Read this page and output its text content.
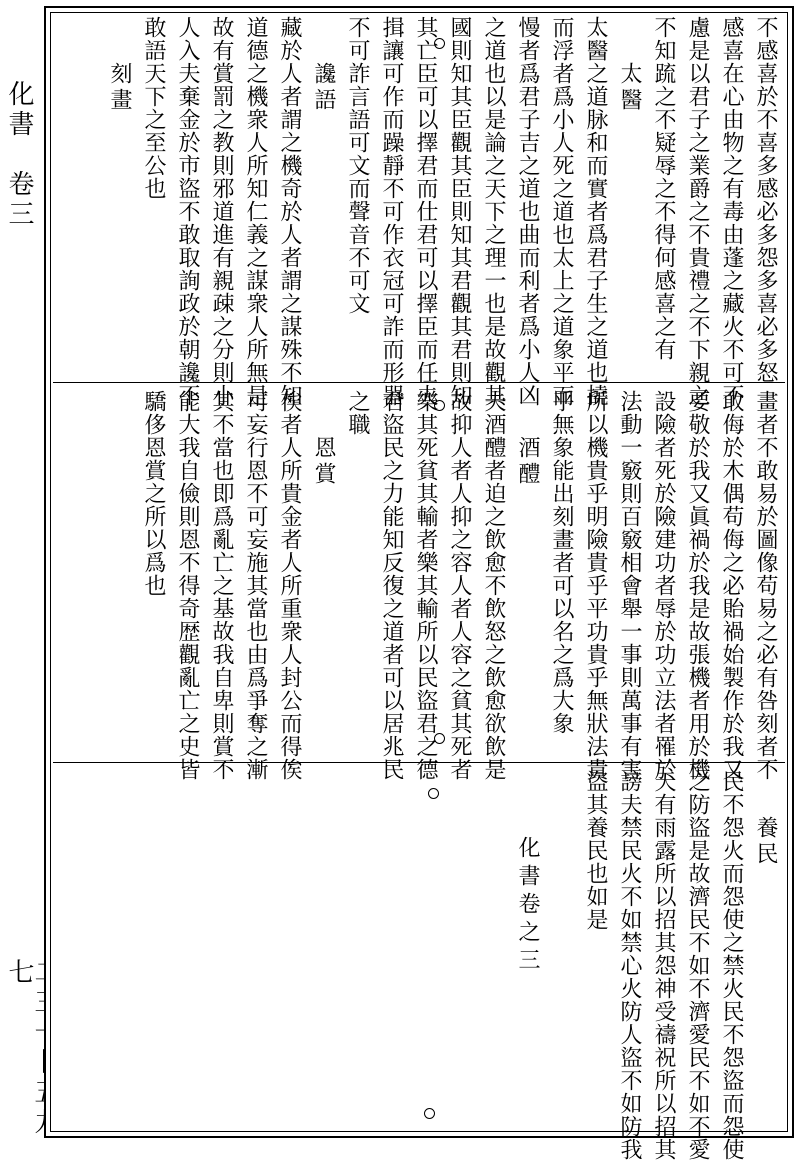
化書　卷三
七
不感喜於不喜多感必多怨多喜必多怒
感喜在心由物之有毒由蓬之藏火不可不
慮是以君子之業爵之不貴禮之不下親之
不知䟽之不疑辱之不得何感喜之有
太醫
太醫之道脉和而實者爲君子生之道也撓
而浮者爲小人死之道也太上之道象平而
慢者爲君子吉之道也曲而利者爲小人凶
之道也以是論之天下之理一也是故觀其
國則知其臣觀其臣則知其君觀其君則知
其亡臣可以擇君而仕君可以擇臣而任夫
揖讓可作而躁靜不可作衣冠可詐而形器
不可詐言語可文而聲音不可文
讒語
藏於人者謂之機奇於人者謂之謀殊不知
道德之機衆人所知仁義之謀衆人所無是
故有賞罰之教則邪道進有親疎之分則小
人入夫棄金於市盜不敢取詢政於朝讒不
敢語天下之至公也
刻畫
畫者不敢易於圖像苟易之必有咎刻者不
敢侮於木偶苟侮之必貽禍始製作於我又
要敬於我又眞禍於我是故張機者用於機
設險者死於險建功者辱於功立法者罹於
法動一竅則百竅相會舉一事則萬事有害
所以機貴乎明險貴乎平功貴乎無狀法貴
乎無象能出刻畫者可以名之爲大象
酒醴
夫酒醴者迫之飲愈不飲怒之飲愈欲飲是
故抑人者人抑之容人者人容之貧其死者
樂其死貧其輸者樂其輸所以民盜君之德
君盜民之力能知反復之道者可以居兆民
之職
恩賞
俟者人所貴金者人所重衆人封公而得俟
可妄行恩不可妄施其當也由爲爭奪之漸
其不當也即爲亂亡之基故我自卑則賞不
能大我自儉則恩不得奇歴觀亂亡之史皆
驕侈恩賞之所以爲也
養民
民不怨火而怨使之禁火民不怨盜而怨使
之防盜是故濟民不如不濟愛民不如不愛
天有雨露所以招其怨神受禱祝所以招其
謗夫禁民火不如禁心火防人盜不如防我
盜其養民也如是
化書卷之三
